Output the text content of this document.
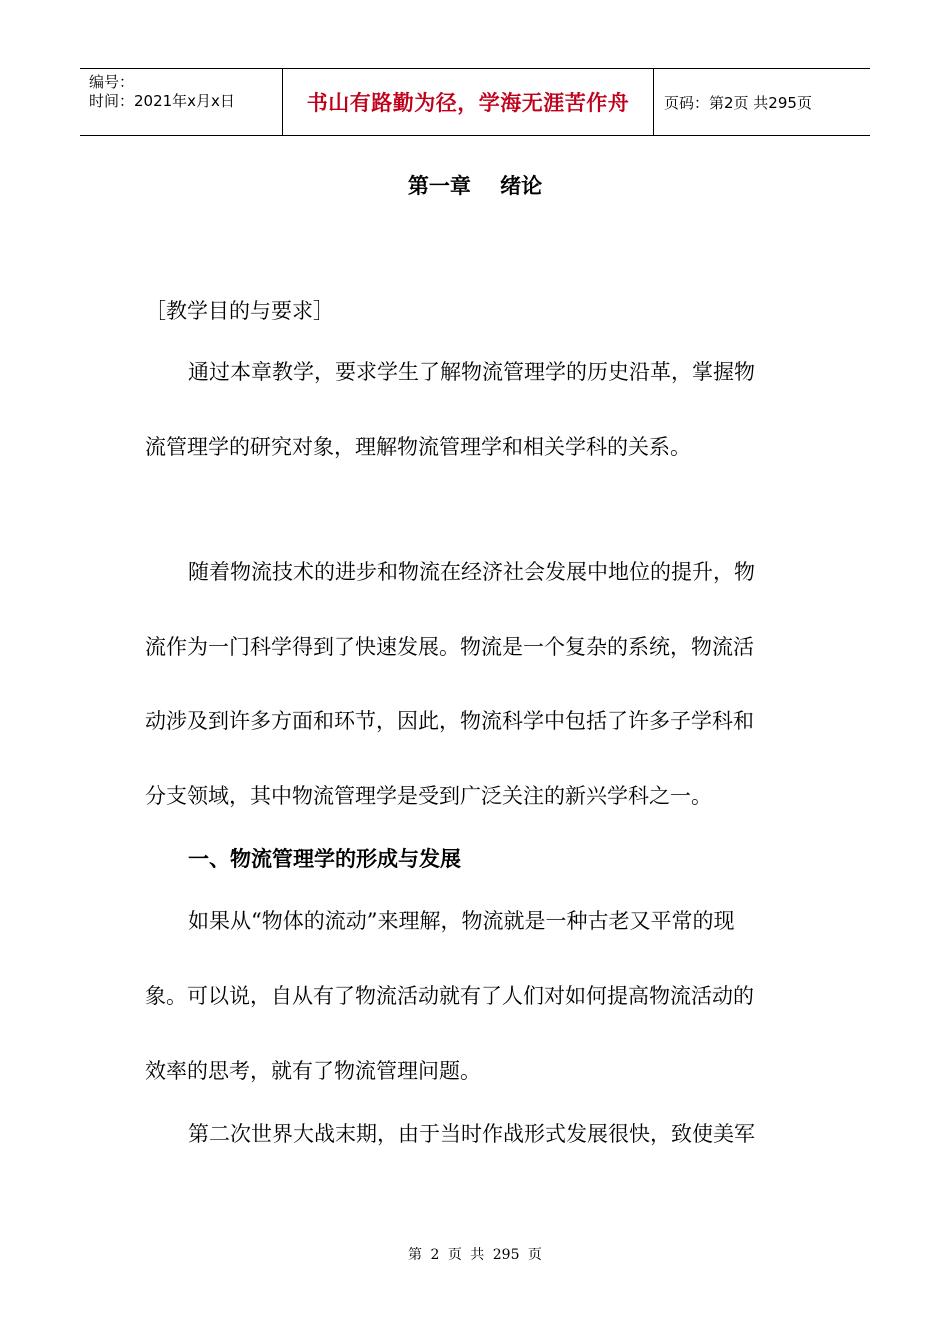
编号：
时间：2021年x月x日	书山有路勤为径，学海无涯苦作舟 页码：第2页 共295页
第一章    绪论
［教学目的与要求］
通过本章教学，要求学生了解物流管理学的历史沿革，掌握物
流管理学的研究对象，理解物流管理学和相关学科的关系。
随着物流技术的进步和物流在经济社会发展中地位的提升，物
流作为一门科学得到了快速发展。物流是一个复杂的系统，物流活
动涉及到许多方面和环节，因此，物流科学中包括了许多子学科和
分支领域，其中物流管理学是受到广泛关注的新兴学科之一。
一、物流管理学的形成与发展
如果从“物体的流动”来理解，物流就是一种古老又平常的现
象。可以说，自从有了物流活动就有了人们对如何提高物流活动的
效率的思考，就有了物流管理问题。
第二次世界大战末期，由于当时作战形式发展很快，致使美军
第 2 页 共 295 页
